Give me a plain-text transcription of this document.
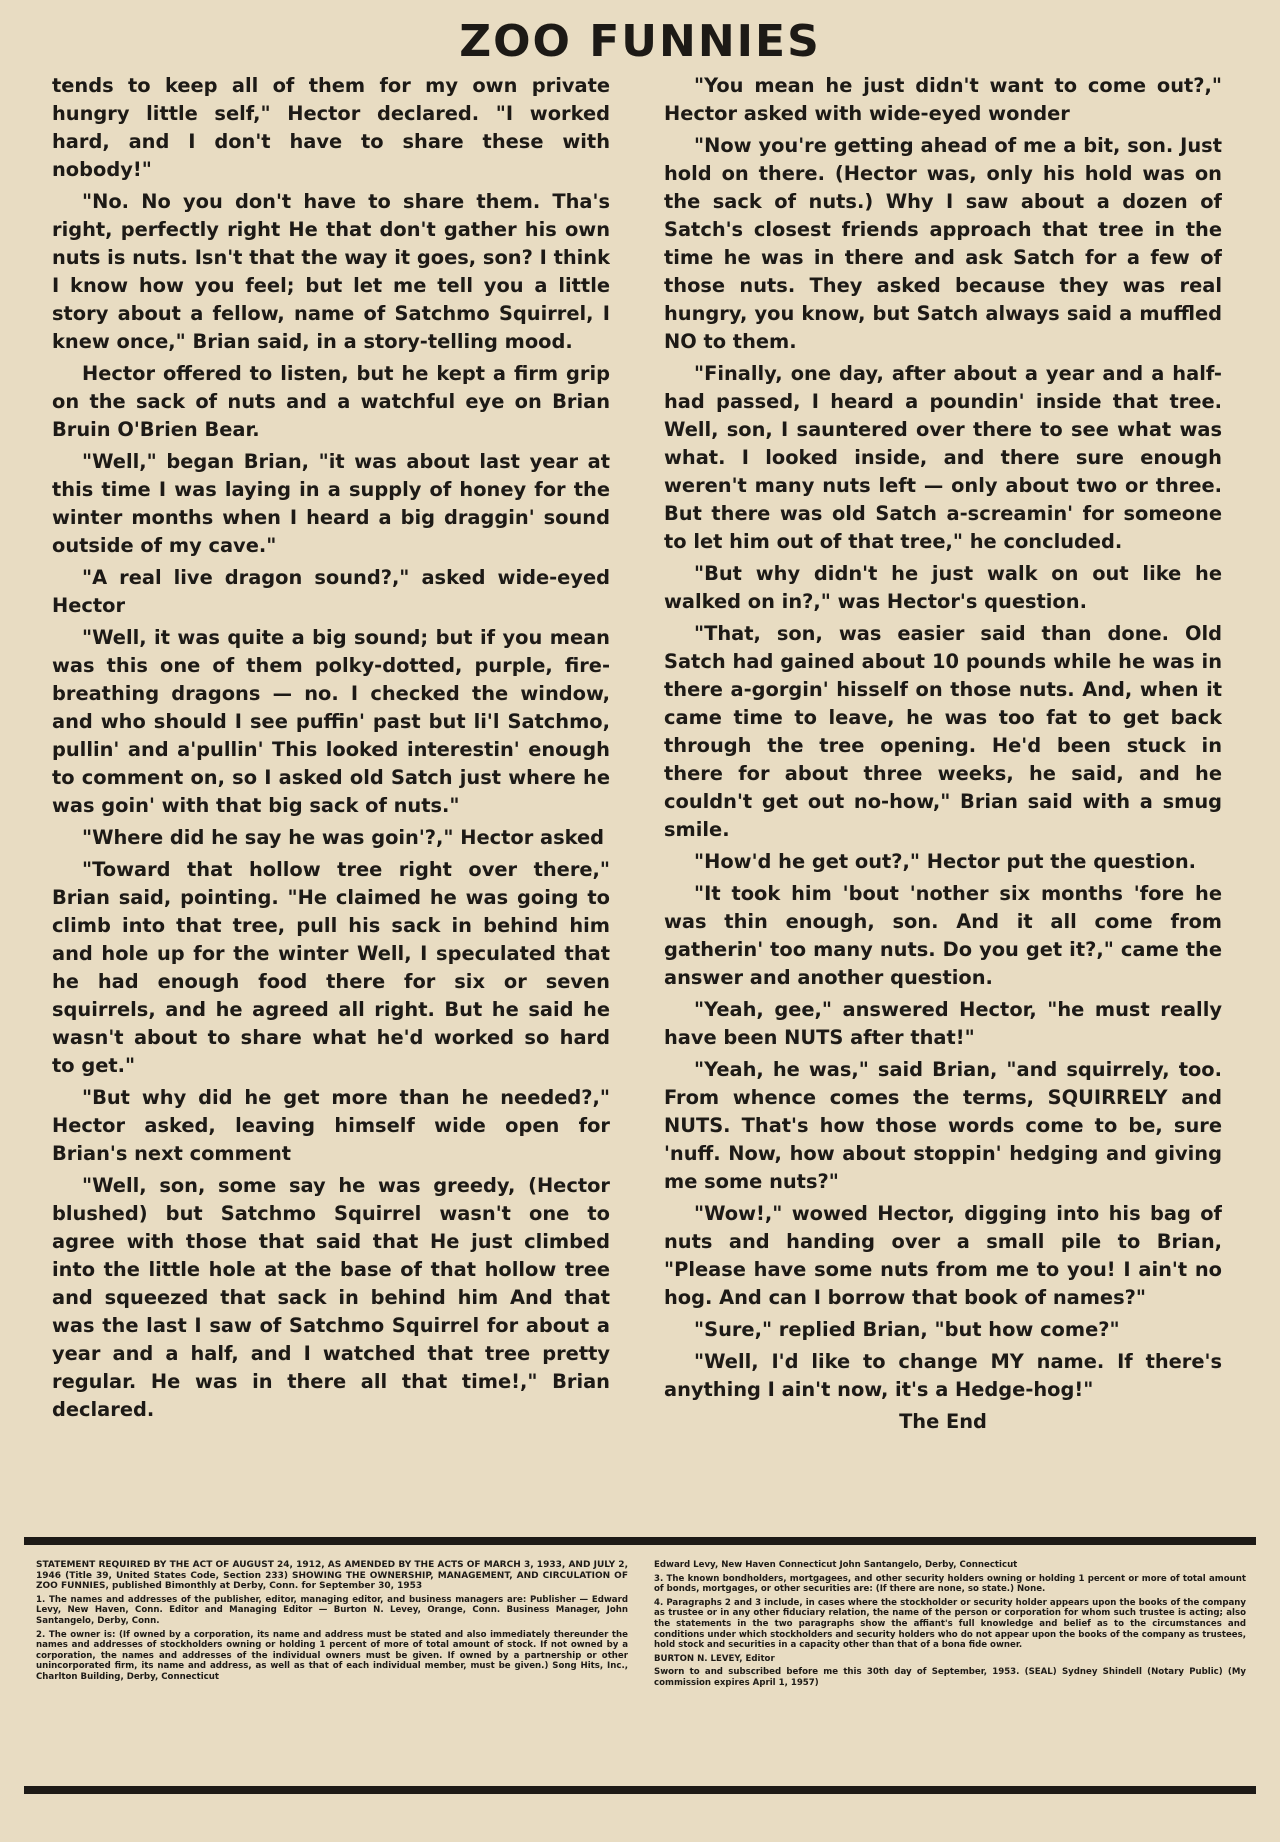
ZOO FUNNIES

tends to keep all of them for my own private hungry little self," Hector declared. "I worked hard, and I don't have to share these with nobody!"

"No. No you don't have to share them. Tha's right, perfectly right He that don't gather his own nuts is nuts. Isn't that the way it goes, son? I think I know how you feel; but let me tell you a little story about a fellow, name of Satchmo Squirrel, I knew once," Brian said, in a story-telling mood.

Hector offered to listen, but he kept a firm grip on the sack of nuts and a watchful eye on Brian Bruin O'Brien Bear.

"Well," began Brian, "it was about last year at this time I was laying in a supply of honey for the winter months when I heard a big draggin' sound outside of my cave."

"A real live dragon sound?," asked wide-eyed Hector

"Well, it was quite a big sound; but if you mean was this one of them polky-dotted, purple, fire-breathing dragons — no. I checked the window, and who should I see puffin' past but li'l Satchmo, pullin' and a'pullin' This looked interestin' enough to comment on, so I asked old Satch just where he was goin' with that big sack of nuts."

"Where did he say he was goin'?," Hector asked

"Toward that hollow tree right over there," Brian said, pointing. "He claimed he was going to climb into that tree, pull his sack in behind him and hole up for the winter Well, I speculated that he had enough food there for six or seven squirrels, and he agreed all right. But he said he wasn't about to share what he'd worked so hard to get."

"But why did he get more than he needed?," Hector asked, leaving himself wide open for Brian's next comment

"Well, son, some say he was greedy, (Hector blushed) but Satchmo Squirrel wasn't one to agree with those that said that He just climbed into the little hole at the base of that hollow tree and squeezed that sack in behind him And that was the last I saw of Satchmo Squirrel for about a year and a half, and I watched that tree pretty regular. He was in there all that time!," Brian declared.

"You mean he just didn't want to come out?," Hector asked with wide-eyed wonder

"Now you're getting ahead of me a bit, son. Just hold on there. (Hector was, only his hold was on the sack of nuts.) Why I saw about a dozen of Satch's closest friends approach that tree in the time he was in there and ask Satch for a few of those nuts. They asked because they was real hungry, you know, but Satch always said a muffled NO to them.

"Finally, one day, after about a year and a half-had passed, I heard a poundin' inside that tree. Well, son, I sauntered over there to see what was what. I looked inside, and there sure enough weren't many nuts left — only about two or three. But there was old Satch a-screamin' for someone to let him out of that tree," he concluded.

"But why didn't he just walk on out like he walked on in?," was Hector's question.

"That, son, was easier said than done. Old Satch had gained about 10 pounds while he was in there a-gorgin' hisself on those nuts. And, when it came time to leave, he was too fat to get back through the tree opening. He'd been stuck in there for about three weeks, he said, and he couldn't get out no-how," Brian said with a smug smile.

"How'd he get out?," Hector put the question.

"It took him 'bout 'nother six months 'fore he was thin enough, son. And it all come from gatherin' too many nuts. Do you get it?," came the answer and another question.

"Yeah, gee," answered Hector, "he must really have been NUTS after that!"

"Yeah, he was," said Brian, "and squirrely, too. From whence comes the terms, SQUIRRELY and NUTS. That's how those words come to be, sure 'nuff. Now, how about stoppin' hedging and giving me some nuts?"

"Wow!," wowed Hector, digging into his bag of nuts and handing over a small pile to Brian, "Please have some nuts from me to you! I ain't no hog. And can I borrow that book of names?"

"Sure," replied Brian, "but how come?"

"Well, I'd like to change MY name. If there's anything I ain't now, it's a Hedge-hog!"

The End

STATEMENT REQUIRED BY THE ACT OF AUGUST 24, 1912, AS AMENDED BY THE ACTS OF MARCH 3, 1933, AND JULY 2, 1946 (Title 39, United States Code, Section 233) SHOWING THE OWNERSHIP, MANAGEMENT, AND CIRCULATION OF ZOO FUNNIES, published Bimonthly at Derby, Conn. for September 30, 1953

1. The names and addresses of the publisher, editor, managing editor, and business managers are: Publisher — Edward Levy, New Haven, Conn. Editor and Managing Editor — Burton N. Levey, Orange, Conn. Business Manager, John Santangelo, Derby, Conn.

2. The owner is: (If owned by a corporation, its name and address must be stated and also immediately thereunder the names and addresses of stockholders owning or holding 1 percent of more of total amount of stock. If not owned by a corporation, the names and addresses of the individual owners must be given. If owned by a partnership or other unincorporated firm, its name and address, as well as that of each individual member, must be given.) Song Hits, Inc., Charlton Building, Derby, Connecticut

Edward Levy, New Haven Connecticut John Santangelo, Derby, Connecticut

3. The known bondholders, mortgagees, and other security holders owning or holding 1 percent or more of total amount of bonds, mortgages, or other securities are: (If there are none, so state.) None.

4. Paragraphs 2 and 3 include, in cases where the stockholder or security holder appears upon the books of the company as trustee or in any other fiduciary relation, the name of the person or corporation for whom such trustee is acting; also the statements in the two paragraphs show the affiant's full knowledge and belief as to the circumstances and conditions under which stockholders and security holders who do not appear upon the books of the company as trustees, hold stock and securities in a capacity other than that of a bona fide owner.

BURTON N. LEVEY, Editor

Sworn to and subscribed before me this 30th day of September, 1953. (SEAL) Sydney Shindell (Notary Public) (My commission expires April 1, 1957)
